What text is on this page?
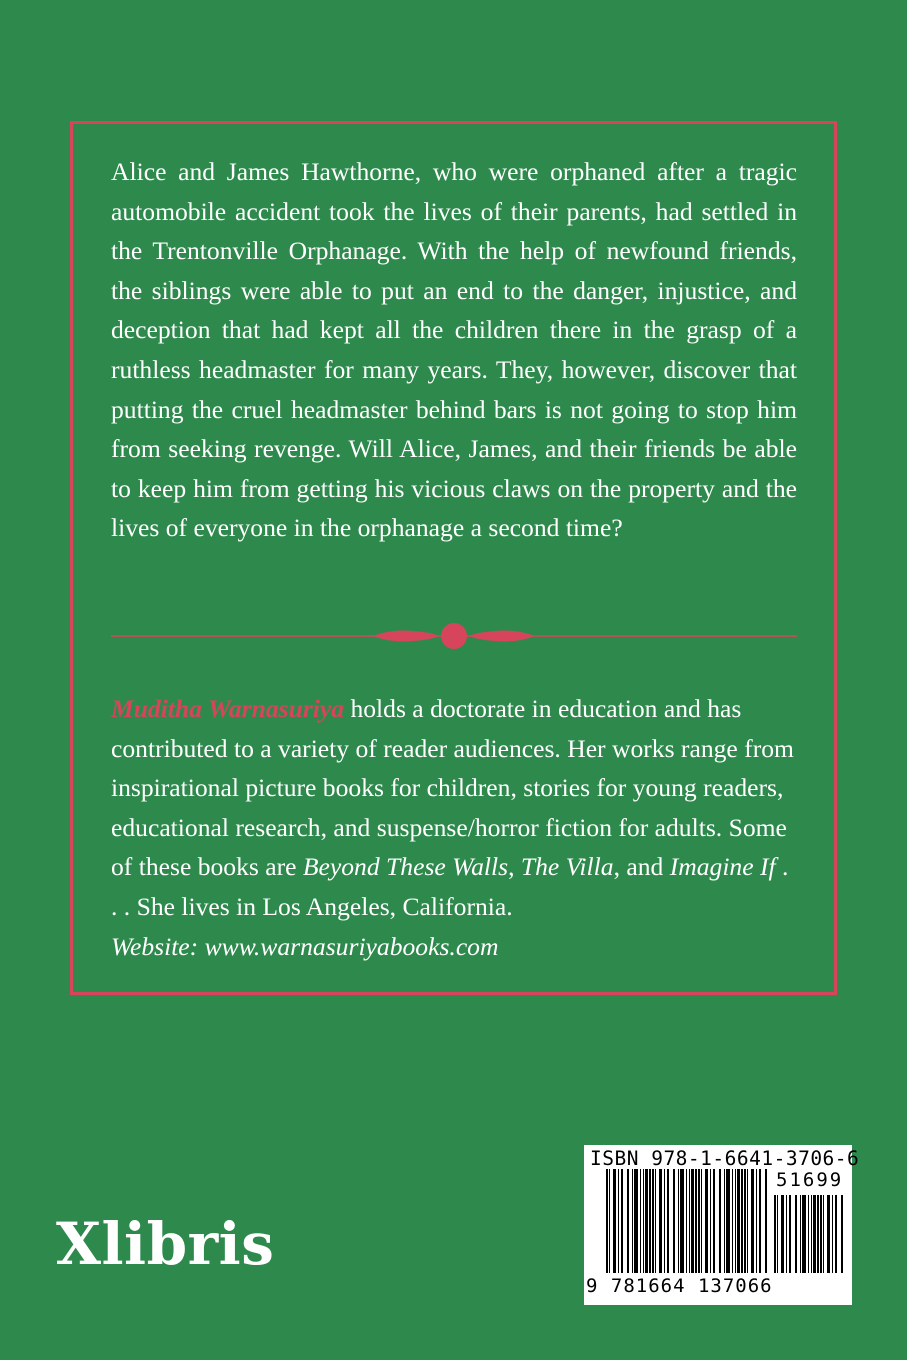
Alice and James Hawthorne, who were orphaned after a tragic automobile accident took the lives of their parents, had settled in the Trentonville Orphanage. With the help of newfound friends, the siblings were able to put an end to the danger, injustice, and deception that had kept all the children there in the grasp of a ruthless headmaster for many years. They, however, discover that putting the cruel headmaster behind bars is not going to stop him from seeking revenge. Will Alice, James, and their friends be able to keep him from getting his vicious claws on the property and the lives of everyone in the orphanage a second time?

Muditha Warnasuriya holds a doctorate in education and has contributed to a variety of reader audiences. Her works range from inspirational picture books for children, stories for young readers, educational research, and suspense/horror fiction for adults. Some of these books are Beyond These Walls, The Villa, and Imagine If . . . She lives in Los Angeles, California.
Website: www.warnasuriyabooks.com

Xlibris
ISBN 978-1-6641-3706-6
51699
9 781664 137066
